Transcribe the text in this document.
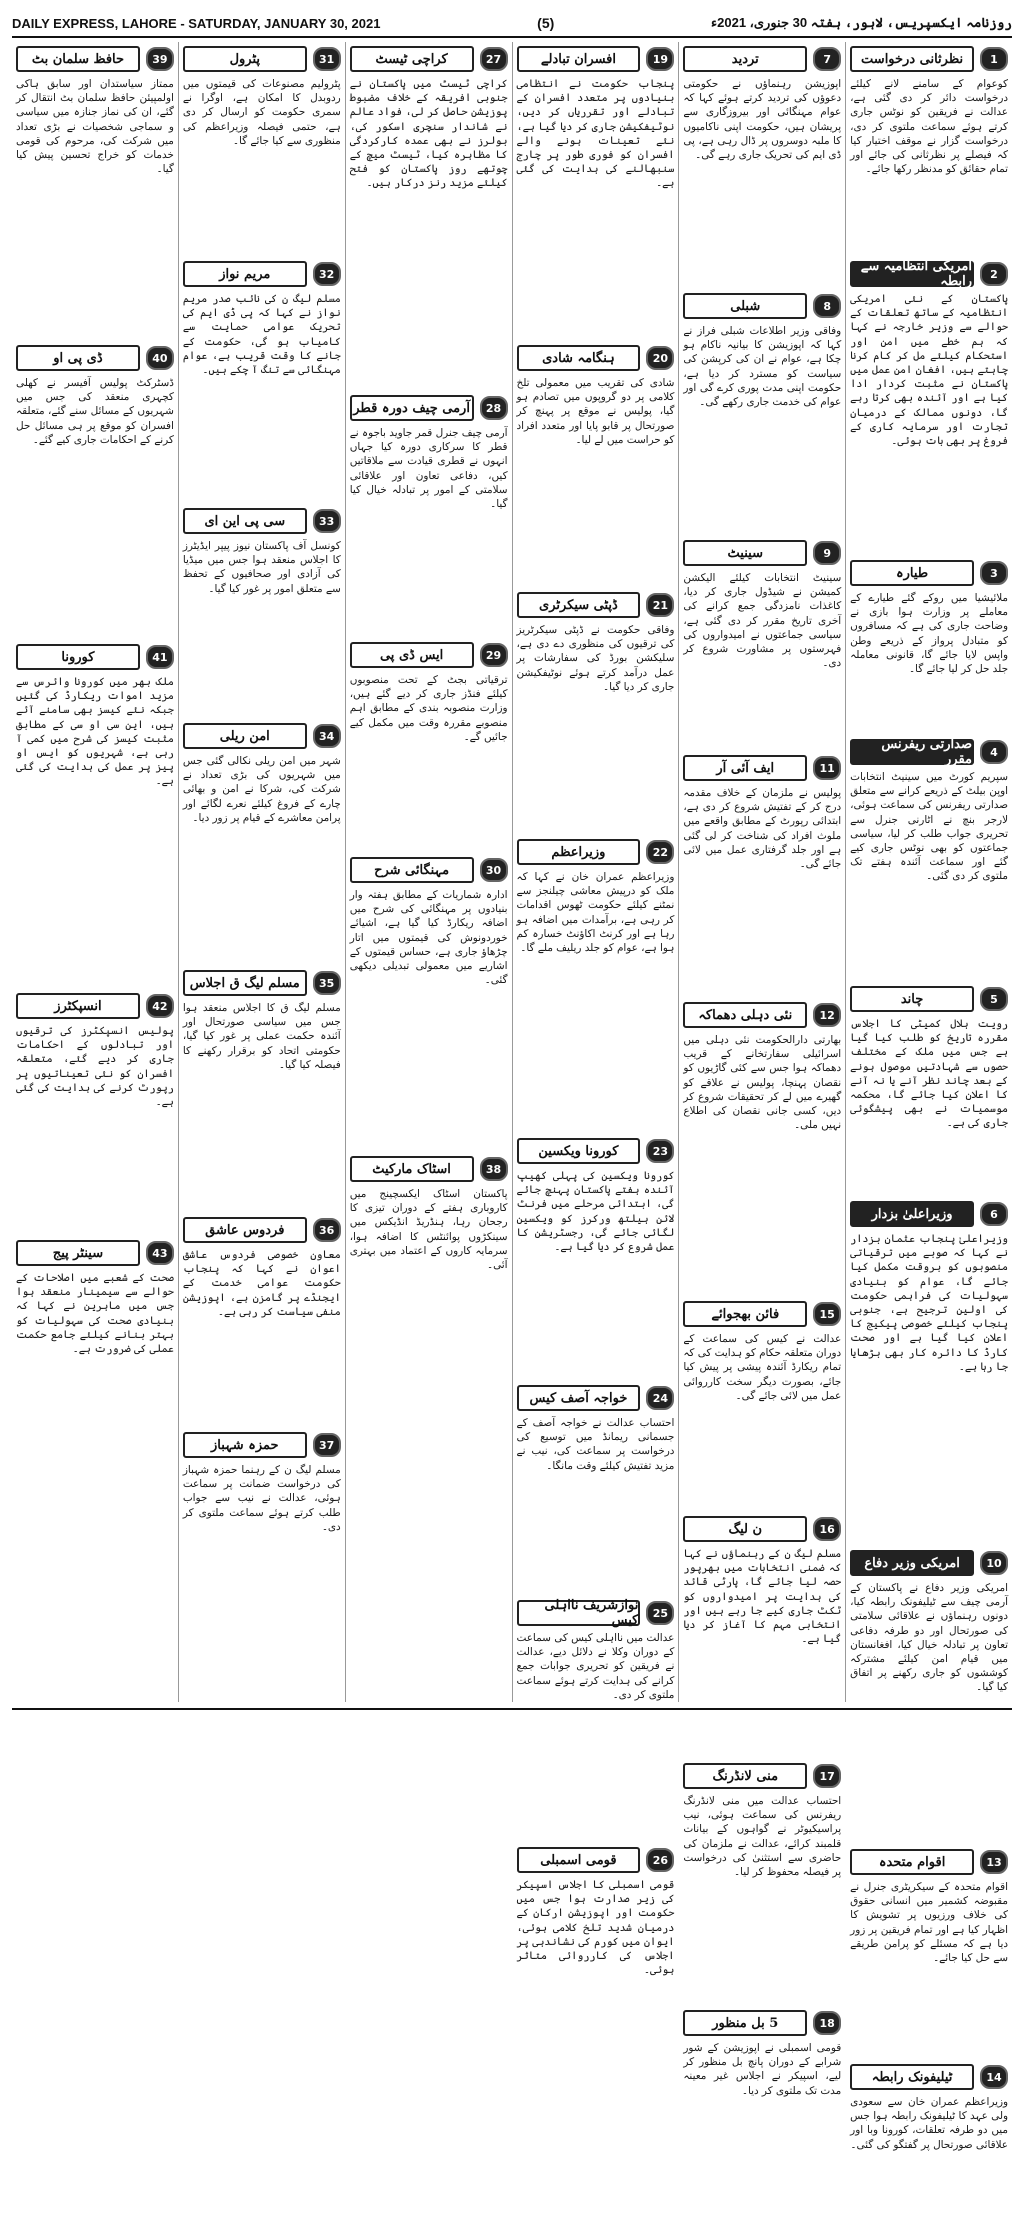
DAILY EXPRESS, LAHORE - SATURDAY, JANUARY 30, 2021	(5)	روزنامہ ایکسپریس، لاہور، ہفتہ 30 جنوری، 2021ء
1
نظرثانی درخواست
کوعوام کے سامنے لانے کیلئے درخواست دائر کر دی گئی ہے، عدالت نے فریقین کو نوٹس جاری کرتے ہوئے سماعت ملتوی کر دی، درخواست گزار نے موقف اختیار کیا کہ فیصلے پر نظرثانی کی جائے اور تمام حقائق کو مدنظر رکھا جائے۔
2
امریکی انتظامیہ سے رابطہ
پاکستان کے نئی امریکی انتظامیہ کے ساتھ تعلقات کے حوالے سے وزیر خارجہ نے کہا کہ ہم خطے میں امن اور استحکام کیلئے مل کر کام کرنا چاہتے ہیں، افغان امن عمل میں پاکستان نے مثبت کردار ادا کیا ہے اور آئندہ بھی کرتا رہے گا، دونوں ممالک کے درمیان تجارت اور سرمایہ کاری کے فروغ پر بھی بات ہوئی۔
3
طیارہ
ملائیشیا میں روکے گئے طیارے کے معاملے پر وزارت ہوا بازی نے وضاحت جاری کی ہے کہ مسافروں کو متبادل پرواز کے ذریعے وطن واپس لایا جائے گا، قانونی معاملہ جلد حل کر لیا جائے گا۔
4
صدارتی ریفرنس مقرر
سپریم کورٹ میں سینیٹ انتخابات اوپن بیلٹ کے ذریعے کرانے سے متعلق صدارتی ریفرنس کی سماعت ہوئی، لارجر بنچ نے اٹارنی جنرل سے تحریری جواب طلب کر لیا، سیاسی جماعتوں کو بھی نوٹس جاری کیے گئے اور سماعت آئندہ ہفتے تک ملتوی کر دی گئی۔
5
چاند
رویت ہلال کمیٹی کا اجلاس مقررہ تاریخ کو طلب کیا گیا ہے جس میں ملک کے مختلف حصوں سے شہادتیں موصول ہونے کے بعد چاند نظر آنے یا نہ آنے کا اعلان کیا جائے گا، محکمہ موسمیات نے بھی پیشگوئی جاری کی ہے۔
6
وزیراعلیٰ بزدار
وزیراعلیٰ پنجاب عثمان بزدار نے کہا کہ صوبے میں ترقیاتی منصوبوں کو بروقت مکمل کیا جائے گا، عوام کو بنیادی سہولیات کی فراہمی حکومت کی اولین ترجیح ہے، جنوبی پنجاب کیلئے خصوصی پیکیج کا اعلان کیا گیا ہے اور صحت کارڈ کا دائرہ کار بھی بڑھایا جا رہا ہے۔
10
امریکی وزیر دفاع
امریکی وزیر دفاع نے پاکستان کے آرمی چیف سے ٹیلیفونک رابطہ کیا، دونوں رہنماؤں نے علاقائی سلامتی کی صورتحال اور دو طرفہ دفاعی تعاون پر تبادلہ خیال کیا، افغانستان میں قیام امن کیلئے مشترکہ کوششوں کو جاری رکھنے پر اتفاق کیا گیا۔
13
اقوام متحدہ
اقوام متحدہ کے سیکریٹری جنرل نے مقبوضہ کشمیر میں انسانی حقوق کی خلاف ورزیوں پر تشویش کا اظہار کیا ہے اور تمام فریقین پر زور دیا ہے کہ مسئلے کو پرامن طریقے سے حل کیا جائے۔
14
ٹیلیفونک رابطہ
وزیراعظم عمران خان سے سعودی ولی عہد کا ٹیلیفونک رابطہ ہوا جس میں دو طرفہ تعلقات، کورونا وبا اور علاقائی صورتحال پر گفتگو کی گئی۔
7
تردید
اپوزیشن رہنماؤں نے حکومتی دعوؤں کی تردید کرتے ہوئے کہا کہ عوام مہنگائی اور بیروزگاری سے پریشان ہیں، حکومت اپنی ناکامیوں کا ملبہ دوسروں پر ڈال رہی ہے، پی ڈی ایم کی تحریک جاری رہے گی۔
8
شبلی
وفاقی وزیر اطلاعات شبلی فراز نے کہا کہ اپوزیشن کا بیانیہ ناکام ہو چکا ہے، عوام نے ان کی کرپشن کی سیاست کو مسترد کر دیا ہے، حکومت اپنی مدت پوری کرے گی اور عوام کی خدمت جاری رکھے گی۔
9
سینیٹ
سینیٹ انتخابات کیلئے الیکشن کمیشن نے شیڈول جاری کر دیا، کاغذات نامزدگی جمع کرانے کی آخری تاریخ مقرر کر دی گئی ہے، سیاسی جماعتوں نے امیدواروں کی فہرستوں پر مشاورت شروع کر دی۔
11
ایف آئی آر
پولیس نے ملزمان کے خلاف مقدمہ درج کر کے تفتیش شروع کر دی ہے، ابتدائی رپورٹ کے مطابق واقعے میں ملوث افراد کی شناخت کر لی گئی ہے اور جلد گرفتاری عمل میں لائی جائے گی۔
12
نئی دہلی دھماکہ
بھارتی دارالحکومت نئی دہلی میں اسرائیلی سفارتخانے کے قریب دھماکہ ہوا جس سے کئی گاڑیوں کو نقصان پہنچا، پولیس نے علاقے کو گھیرے میں لے کر تحقیقات شروع کر دیں، کسی جانی نقصان کی اطلاع نہیں ملی۔
15
فائن بھجوائے
عدالت نے کیس کی سماعت کے دوران متعلقہ حکام کو ہدایت کی کہ تمام ریکارڈ آئندہ پیشی پر پیش کیا جائے، بصورت دیگر سخت کارروائی عمل میں لائی جائے گی۔
16
ن لیگ
مسلم لیگ ن کے رہنماؤں نے کہا کہ ضمنی انتخابات میں بھرپور حصہ لیا جائے گا، پارٹی قائد کی ہدایت پر امیدواروں کو ٹکٹ جاری کیے جا رہے ہیں اور انتخابی مہم کا آغاز کر دیا گیا ہے۔
17
منی لانڈرنگ
احتساب عدالت میں منی لانڈرنگ ریفرنس کی سماعت ہوئی، نیب پراسیکیوٹر نے گواہوں کے بیانات قلمبند کرائے، عدالت نے ملزمان کی حاضری سے استثنیٰ کی درخواست پر فیصلہ محفوظ کر لیا۔
18
5 بل منظور
قومی اسمبلی نے اپوزیشن کے شور شرابے کے دوران پانچ بل منظور کر لیے، اسپیکر نے اجلاس غیر معینہ مدت تک ملتوی کر دیا۔
19
افسران تبادلے
پنجاب حکومت نے انتظامی بنیادوں پر متعدد افسران کے تبادلے اور تقرریاں کر دیں، نوٹیفکیشن جاری کر دیا گیا ہے، نئے تعینات ہونے والے افسران کو فوری طور پر چارج سنبھالنے کی ہدایت کی گئی ہے۔
20
ہنگامہ شادی
شادی کی تقریب میں معمولی تلخ کلامی پر دو گروپوں میں تصادم ہو گیا، پولیس نے موقع پر پہنچ کر صورتحال پر قابو پایا اور متعدد افراد کو حراست میں لے لیا۔
21
ڈپٹی سیکرٹری
وفاقی حکومت نے ڈپٹی سیکرٹریز کی ترقیوں کی منظوری دے دی ہے، سلیکشن بورڈ کی سفارشات پر عمل درآمد کرتے ہوئے نوٹیفکیشن جاری کر دیا گیا۔
22
وزیراعظم
وزیراعظم عمران خان نے کہا کہ ملک کو درپیش معاشی چیلنجز سے نمٹنے کیلئے حکومت ٹھوس اقدامات کر رہی ہے، برآمدات میں اضافہ ہو رہا ہے اور کرنٹ اکاؤنٹ خسارہ کم ہوا ہے، عوام کو جلد ریلیف ملے گا۔
23
کورونا ویکسین
کورونا ویکسین کی پہلی کھیپ آئندہ ہفتے پاکستان پہنچ جائے گی، ابتدائی مرحلے میں فرنٹ لائن ہیلتھ ورکرز کو ویکسین لگائی جائے گی، رجسٹریشن کا عمل شروع کر دیا گیا ہے۔
24
خواجہ آصف کیس
احتساب عدالت نے خواجہ آصف کے جسمانی ریمانڈ میں توسیع کی درخواست پر سماعت کی، نیب نے مزید تفتیش کیلئے وقت مانگا۔
25
نوازشریف نااہلی کیس
عدالت میں نااہلی کیس کی سماعت کے دوران وکلا نے دلائل دیے، عدالت نے فریقین کو تحریری جوابات جمع کرانے کی ہدایت کرتے ہوئے سماعت ملتوی کر دی۔
26
قومی اسمبلی
قومی اسمبلی کا اجلاس اسپیکر کی زیر صدارت ہوا جس میں حکومت اور اپوزیشن ارکان کے درمیان شدید تلخ کلامی ہوئی، ایوان میں کورم کی نشاندہی پر اجلاس کی کارروائی متاثر ہوئی۔
27
کراچی ٹیسٹ
کراچی ٹیسٹ میں پاکستان نے جنوبی افریقہ کے خلاف مضبوط پوزیشن حاصل کر لی، فواد عالم نے شاندار سنچری اسکور کی، بولرز نے بھی عمدہ کارکردگی کا مظاہرہ کیا، ٹیسٹ میچ کے چوتھے روز پاکستان کو فتح کیلئے مزید رنز درکار ہیں۔
28
آرمی چیف دورہ قطر
آرمی چیف جنرل قمر جاوید باجوہ نے قطر کا سرکاری دورہ کیا جہاں انہوں نے قطری قیادت سے ملاقاتیں کیں، دفاعی تعاون اور علاقائی سلامتی کے امور پر تبادلہ خیال کیا گیا۔
29
ایس ڈی پی
ترقیاتی بجٹ کے تحت منصوبوں کیلئے فنڈز جاری کر دیے گئے ہیں، وزارت منصوبہ بندی کے مطابق اہم منصوبے مقررہ وقت میں مکمل کیے جائیں گے۔
30
مہنگائی شرح
ادارہ شماریات کے مطابق ہفتہ وار بنیادوں پر مہنگائی کی شرح میں اضافہ ریکارڈ کیا گیا ہے، اشیائے خوردونوش کی قیمتوں میں اتار چڑھاؤ جاری ہے، حساس قیمتوں کے اشاریے میں معمولی تبدیلی دیکھی گئی۔
38
اسٹاک مارکیٹ
پاکستان اسٹاک ایکسچینج میں کاروباری ہفتے کے دوران تیزی کا رجحان رہا، ہنڈریڈ انڈیکس میں سینکڑوں پوائنٹس کا اضافہ ہوا، سرمایہ کاروں کے اعتماد میں بہتری آئی۔
31
پٹرول
پٹرولیم مصنوعات کی قیمتوں میں ردوبدل کا امکان ہے، اوگرا نے سمری حکومت کو ارسال کر دی ہے، حتمی فیصلہ وزیراعظم کی منظوری سے کیا جائے گا۔
32
مریم نواز
مسلم لیگ ن کی نائب صدر مریم نواز نے کہا کہ پی ڈی ایم کی تحریک عوامی حمایت سے کامیاب ہو گی، حکومت کے جانے کا وقت قریب ہے، عوام مہنگائی سے تنگ آ چکے ہیں۔
33
سی پی این ای
کونسل آف پاکستان نیوز پیپر ایڈیٹرز کا اجلاس منعقد ہوا جس میں میڈیا کی آزادی اور صحافیوں کے تحفظ سے متعلق امور پر غور کیا گیا۔
34
امن ریلی
شہر میں امن ریلی نکالی گئی جس میں شہریوں کی بڑی تعداد نے شرکت کی، شرکا نے امن و بھائی چارے کے فروغ کیلئے نعرے لگائے اور پرامن معاشرے کے قیام پر زور دیا۔
35
مسلم لیگ ق اجلاس
مسلم لیگ ق کا اجلاس منعقد ہوا جس میں سیاسی صورتحال اور آئندہ حکمت عملی پر غور کیا گیا، حکومتی اتحاد کو برقرار رکھنے کا فیصلہ کیا گیا۔
36
فردوس عاشق
معاون خصوصی فردوس عاشق اعوان نے کہا کہ پنجاب حکومت عوامی خدمت کے ایجنڈے پر گامزن ہے، اپوزیشن منفی سیاست کر رہی ہے۔
37
حمزہ شہباز
مسلم لیگ ن کے رہنما حمزہ شہباز کی درخواست ضمانت پر سماعت ہوئی، عدالت نے نیب سے جواب طلب کرتے ہوئے سماعت ملتوی کر دی۔
39
حافظ سلمان بٹ
ممتاز سیاستدان اور سابق ہاکی اولمپیئن حافظ سلمان بٹ انتقال کر گئے، ان کی نماز جنازہ میں سیاسی و سماجی شخصیات نے بڑی تعداد میں شرکت کی، مرحوم کی قومی خدمات کو خراج تحسین پیش کیا گیا۔
40
ڈی پی او
ڈسٹرکٹ پولیس آفیسر نے کھلی کچہری منعقد کی جس میں شہریوں کے مسائل سنے گئے، متعلقہ افسران کو موقع پر ہی مسائل حل کرنے کے احکامات جاری کیے گئے۔
41
کورونا
ملک بھر میں کورونا وائرس سے مزید اموات ریکارڈ کی گئیں جبکہ نئے کیسز بھی سامنے آئے ہیں، این سی او سی کے مطابق مثبت کیسز کی شرح میں کمی آ رہی ہے، شہریوں کو ایس او پیز پر عمل کی ہدایت کی گئی ہے۔
42
انسپکٹرز
پولیس انسپکٹرز کی ترقیوں اور تبادلوں کے احکامات جاری کر دیے گئے، متعلقہ افسران کو نئی تعیناتیوں پر رپورٹ کرنے کی ہدایت کی گئی ہے۔
43
سینٹر پیج
صحت کے شعبے میں اصلاحات کے حوالے سے سیمینار منعقد ہوا جس میں ماہرین نے کہا کہ بنیادی صحت کی سہولیات کو بہتر بنانے کیلئے جامع حکمت عملی کی ضرورت ہے۔
